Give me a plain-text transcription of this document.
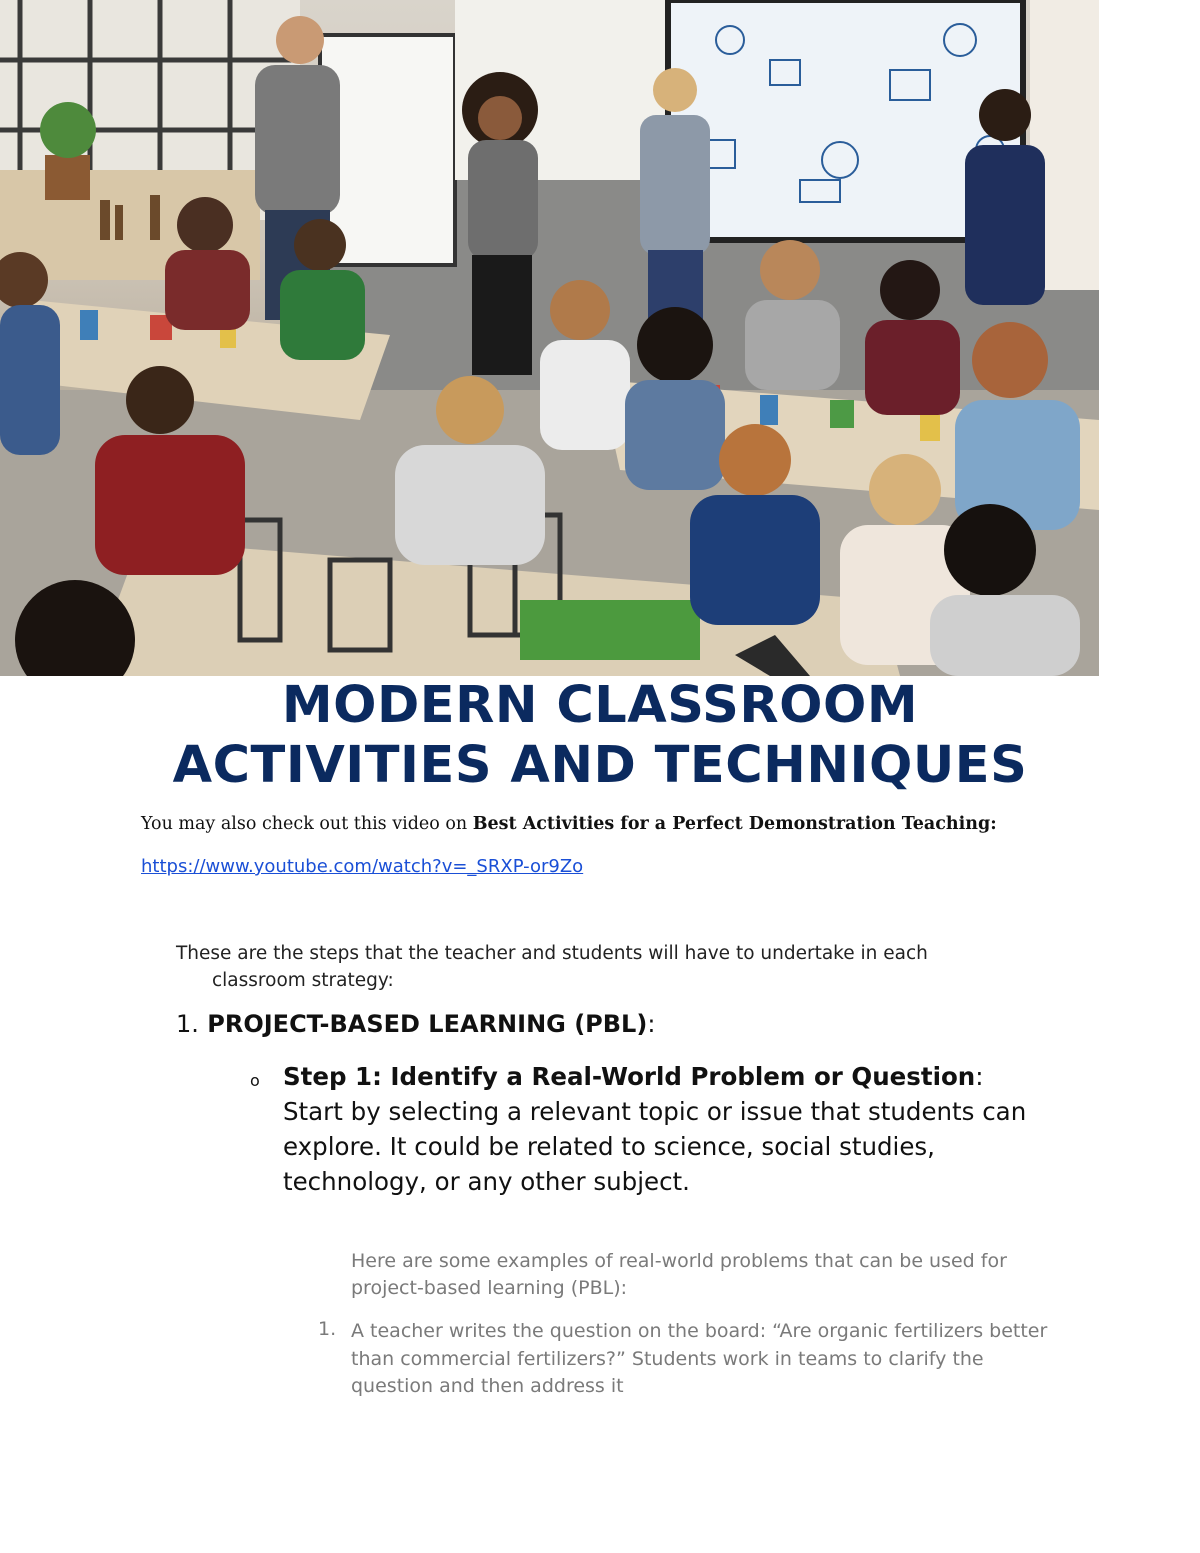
MODERN CLASSROOM
ACTIVITIES AND TECHNIQUES
You may also check out this video on Best Activities for a Perfect Demonstration Teaching:
https://www.youtube.com/watch?v=_SRXP-or9Zo
These are the steps that the teacher and students will have to undertake in each
classroom strategy:
1. PROJECT-BASED LEARNING (PBL):
o Step 1: Identify a Real-World Problem or Question: Start by selecting a relevant topic or issue that students can explore. It could be related to science, social studies, technology, or any other subject.
Here are some examples of real-world problems that can be used for project-based learning (PBL):
1. A teacher writes the question on the board: “Are organic fertilizers better than commercial fertilizers?” Students work in teams to clarify the question and then address it
